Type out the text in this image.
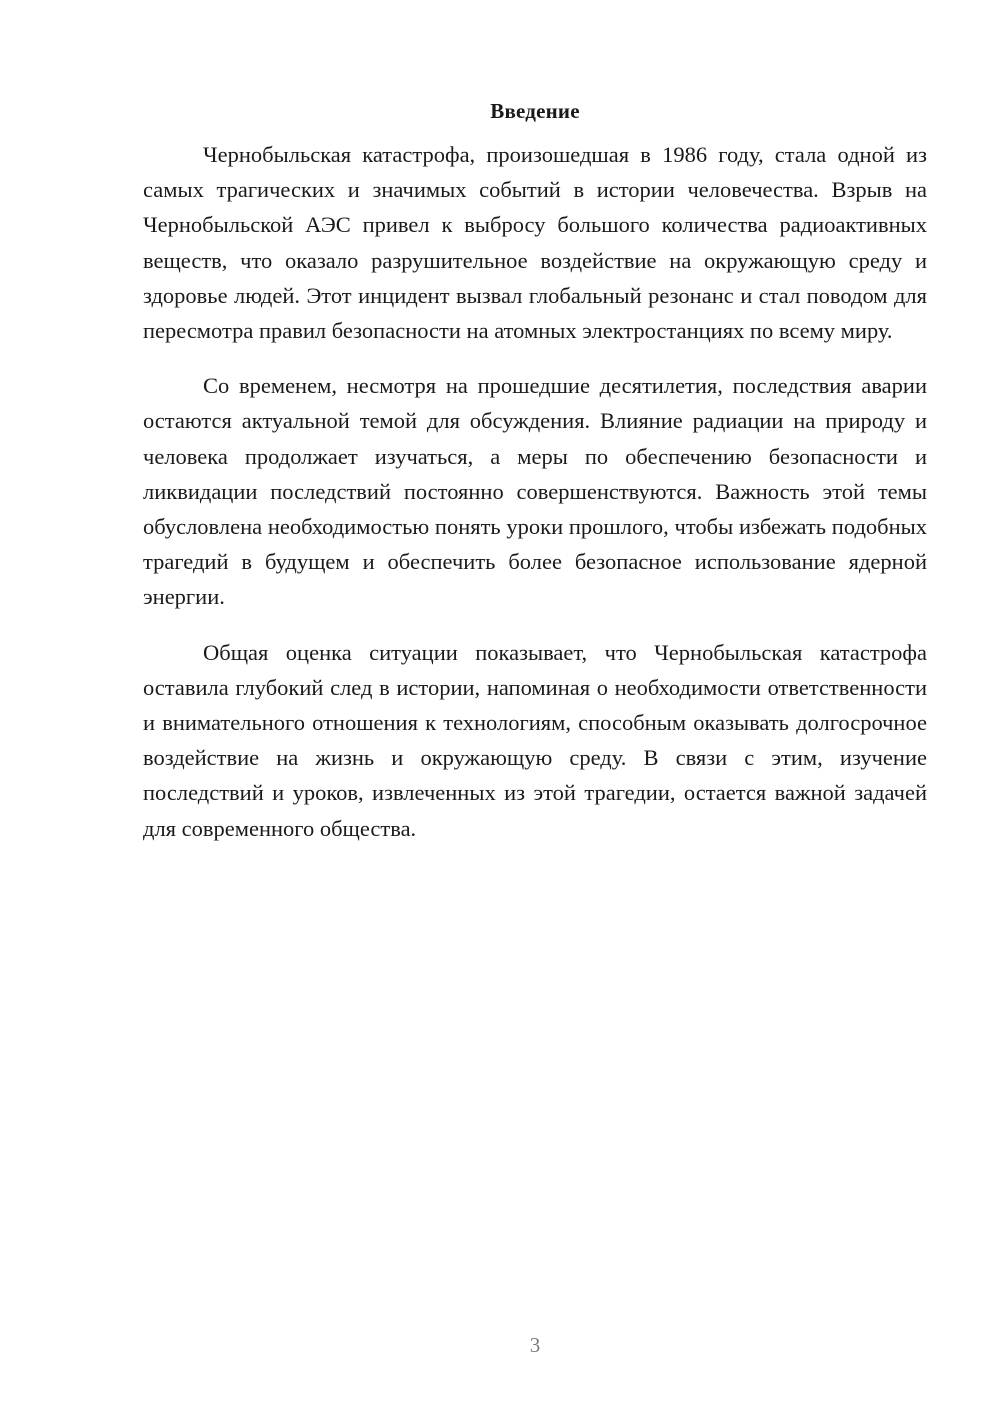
Введение

Чернобыльская катастрофа, произошедшая в 1986 году, стала одной из самых трагических и значимых событий в истории человечества. Взрыв на Чернобыльской АЭС привел к выбросу большого количества радиоактивных веществ, что оказало разрушительное воздействие на окружающую среду и здоровье людей. Этот инцидент вызвал глобальный резонанс и стал поводом для пересмотра правил безопасности на атомных электростанциях по всему миру.

Со временем, несмотря на прошедшие десятилетия, последствия аварии остаются актуальной темой для обсуждения. Влияние радиации на природу и человека продолжает изучаться, а меры по обеспечению безопасности и ликвидации последствий постоянно совершенствуются. Важность этой темы обусловлена необходимостью понять уроки прошлого, чтобы избежать подобных трагедий в будущем и обеспечить более безопасное использование ядерной энергии.

Общая оценка ситуации показывает, что Чернобыльская катастрофа оставила глубокий след в истории, напоминая о необходимости ответственности и внимательного отношения к технологиям, способным оказывать долгосрочное воздействие на жизнь и окружающую среду. В связи с этим, изучение последствий и уроков, извлеченных из этой трагедии, остается важной задачей для современного общества.

3
